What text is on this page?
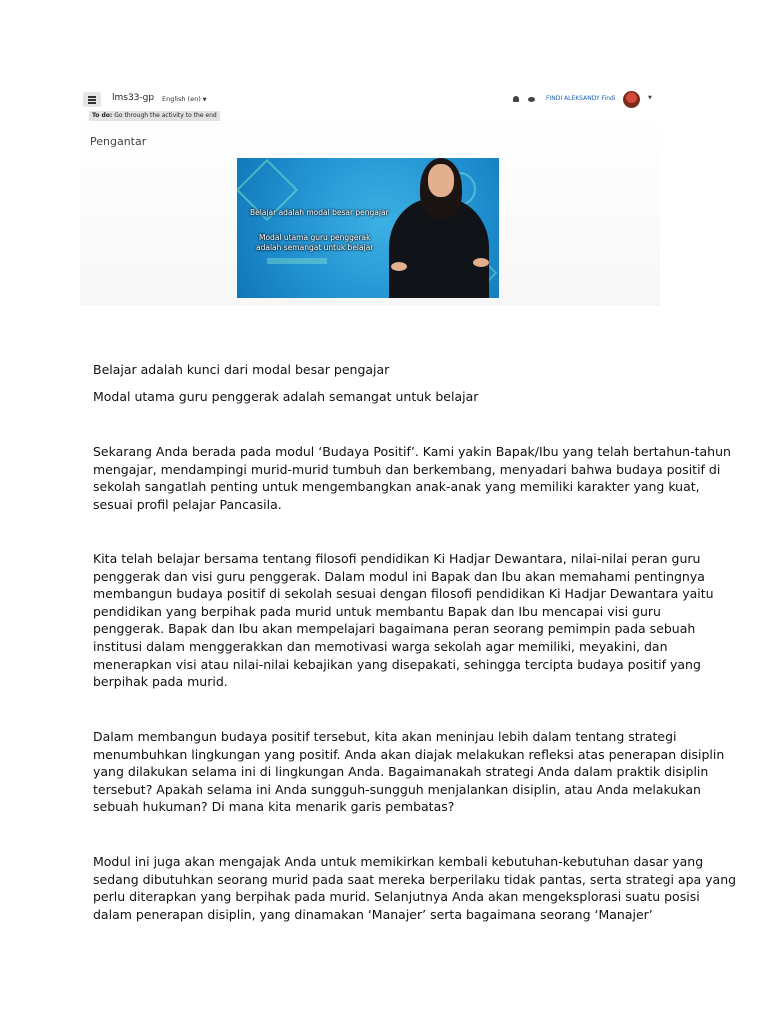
lms33-gp English (en) ▼	FINDI ALEKSANDY Findi	▼
To do: Go through the activity to the end
Pengantar
Belajar adalah modal besar pengajar
Modal utama guru penggerak
adalah semangat untuk belajar
Belajar adalah kunci dari modal besar pengajar
Modal utama guru penggerak adalah semangat untuk belajar
Sekarang Anda berada pada modul ‘Budaya Positif’. Kami yakin Bapak/Ibu yang telah bertahun-tahun
mengajar, mendampingi murid-murid tumbuh dan berkembang, menyadari bahwa budaya positif di
sekolah sangatlah penting untuk mengembangkan anak-anak yang memiliki karakter yang kuat,
sesuai profil pelajar Pancasila.
Kita telah belajar bersama tentang filosofi pendidikan Ki Hadjar Dewantara, nilai-nilai peran guru
penggerak dan visi guru penggerak. Dalam modul ini Bapak dan Ibu akan memahami pentingnya
membangun budaya positif di sekolah sesuai dengan filosofi pendidikan Ki Hadjar Dewantara yaitu
pendidikan yang berpihak pada murid untuk membantu Bapak dan Ibu mencapai visi guru
penggerak. Bapak dan Ibu akan mempelajari bagaimana peran seorang pemimpin pada sebuah
institusi dalam menggerakkan dan memotivasi warga sekolah agar memiliki, meyakini, dan
menerapkan visi atau nilai-nilai kebajikan yang disepakati, sehingga tercipta budaya positif yang
berpihak pada murid.
Dalam membangun budaya positif tersebut, kita akan meninjau lebih dalam tentang strategi
menumbuhkan lingkungan yang positif. Anda akan diajak melakukan refleksi atas penerapan disiplin
yang dilakukan selama ini di lingkungan Anda. Bagaimanakah strategi Anda dalam praktik disiplin
tersebut? Apakah selama ini Anda sungguh-sungguh menjalankan disiplin, atau Anda melakukan
sebuah hukuman? Di mana kita menarik garis pembatas?
Modul ini juga akan mengajak Anda untuk memikirkan kembali kebutuhan-kebutuhan dasar yang
sedang dibutuhkan seorang murid pada saat mereka berperilaku tidak pantas, serta strategi apa yang
perlu diterapkan yang berpihak pada murid. Selanjutnya Anda akan mengeksplorasi suatu posisi
dalam penerapan disiplin, yang dinamakan ‘Manajer’ serta bagaimana seorang ‘Manajer’
